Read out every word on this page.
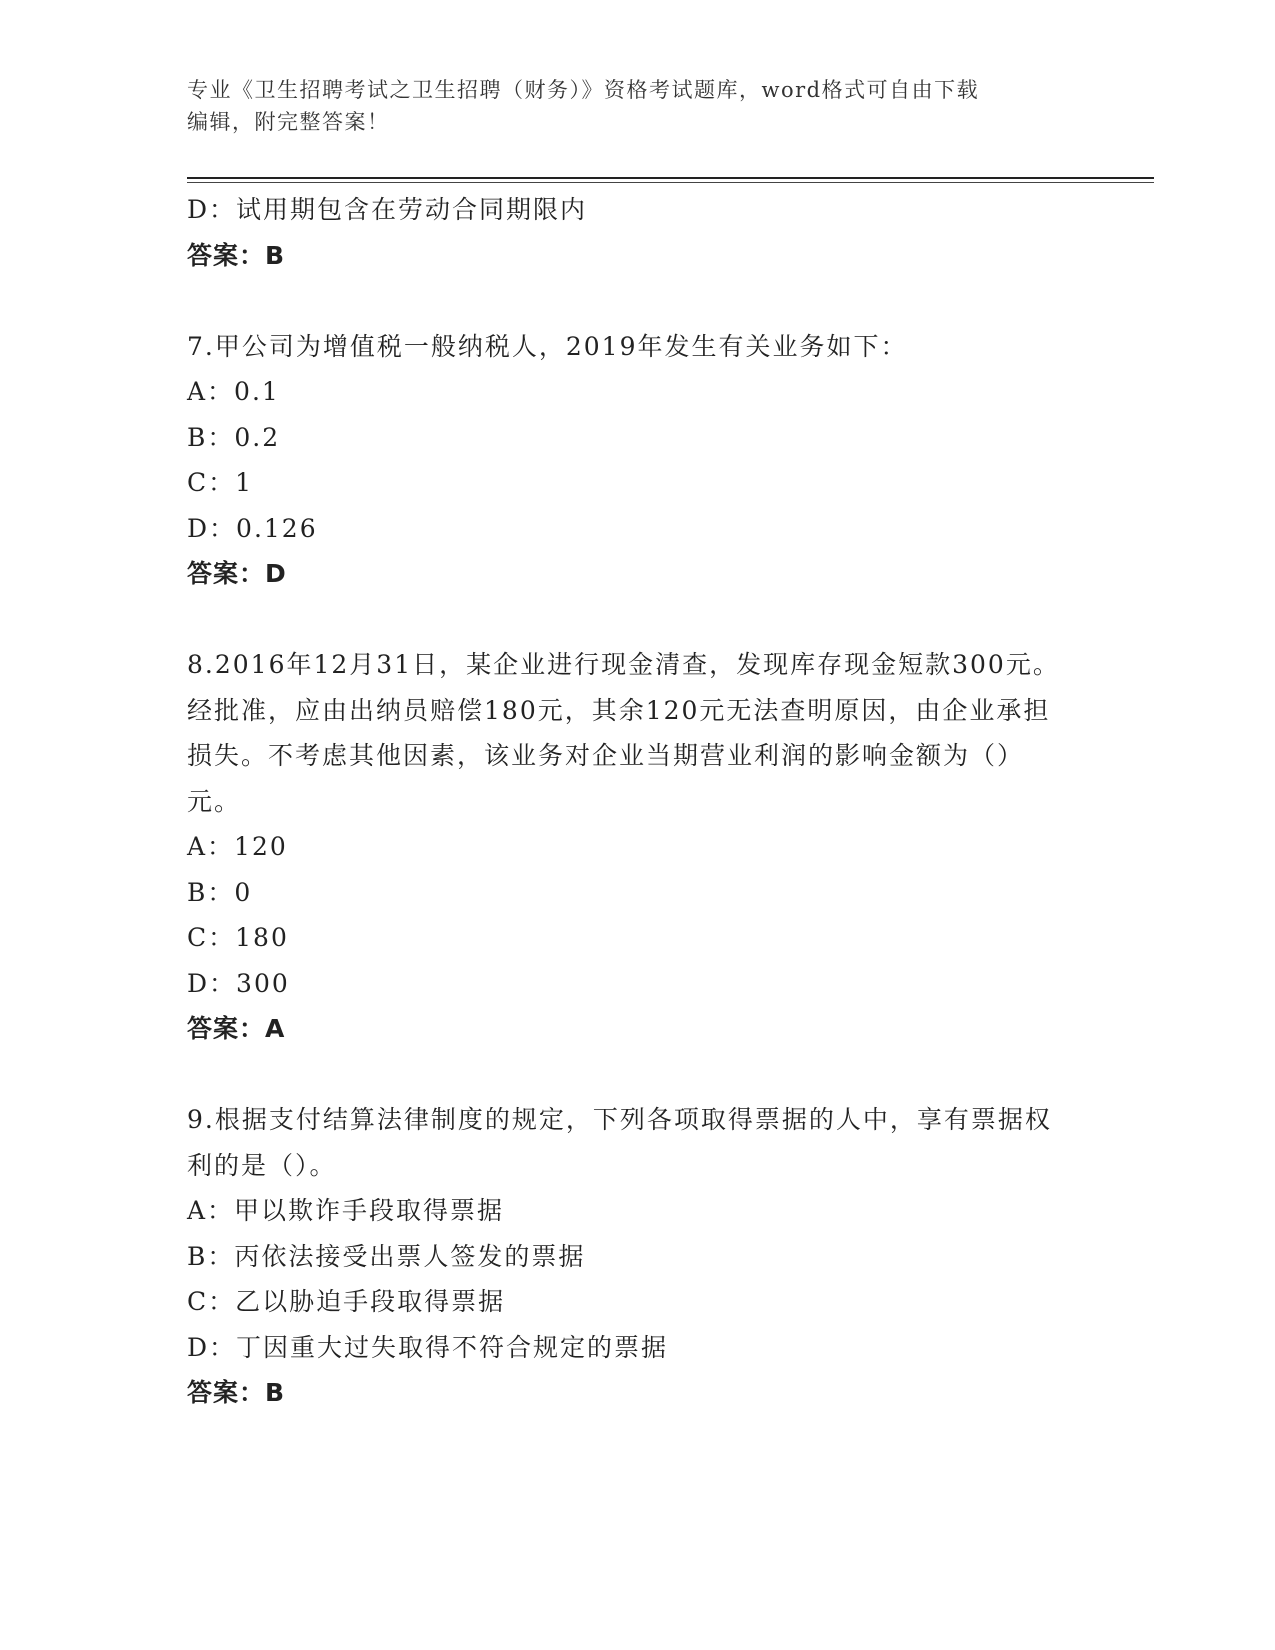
专业《卫生招聘考试之卫生招聘（财务）》资格考试题库，word格式可自由下载
编辑，附完整答案！
D：试用期包含在劳动合同期限内
答案：B
7.甲公司为增值税一般纳税人，2019年发生有关业务如下：
A：0.1
B：0.2
C：1
D：0.126
答案：D
8.2016年12月31日，某企业进行现金清查，发现库存现金短款300元。经批准，应由出纳员赔偿180元，其余120元无法查明原因，由企业承担损失。不考虑其他因素，该业务对企业当期营业利润的影响金额为（）元。
A：120
B：0
C：180
D：300
答案：A
9.根据支付结算法律制度的规定，下列各项取得票据的人中，享有票据权利的是（）。
A：甲以欺诈手段取得票据
B：丙依法接受出票人签发的票据
C：乙以胁迫手段取得票据
D：丁因重大过失取得不符合规定的票据
答案：B
